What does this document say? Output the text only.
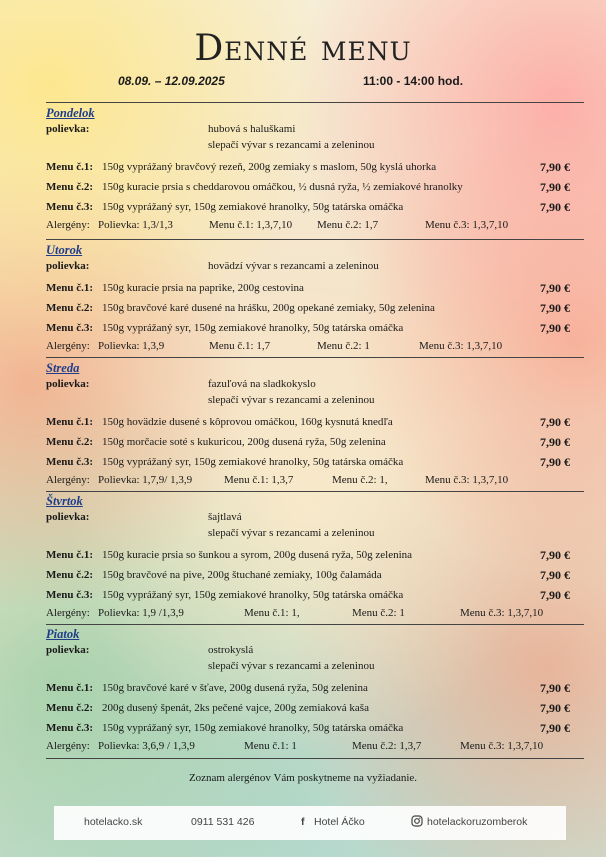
Denné menu
08.09. – 12.09.2025	11:00 - 14:00 hod.
Pondelok
polievka:	hubová s haluškami
slepačí vývar s rezancami a zeleninou
Menu č.1: 150g vyprážaný bravčový rezeň, 200g zemiaky s maslom, 50g kyslá uhorka	7,90 €
Menu č.2: 150g kuracie prsia s cheddarovou omáčkou, ½ dusná ryža, ½ zemiakové hranolky	7,90 €
Menu č.3: 150g vyprážaný syr, 150g zemiakové hranolky, 50g tatárska omáčka	7,90 €
Alergény: Polievka: 1,3/1,3	Menu č.1: 1,3,7,10 Menu č.2: 1,7	Menu č.3: 1,3,7,10
Utorok
polievka:	hovädzí vývar s rezancami a zeleninou
Menu č.1: 150g kuracie prsia na paprike, 200g cestovina	7,90 €
Menu č.2: 150g bravčové karé dusené na hrášku, 200g opekané zemiaky, 50g zelenina	7,90 €
Menu č.3: 150g vyprážaný syr, 150g zemiakové hranolky, 50g tatárska omáčka	7,90 €
Alergény: Polievka: 1,3,9	Menu č.1: 1,7	Menu č.2: 1	Menu č.3: 1,3,7,10
Streda
polievka:	fazuľová na sladkokyslo
slepačí vývar s rezancami a zeleninou
Menu č.1: 150g hovädzie dusené s kôprovou omáčkou, 160g kysnutá knedľa	7,90 €
Menu č.2: 150g morčacie soté s kukuricou, 200g dusená ryža, 50g zelenina	7,90 €
Menu č.3: 150g vyprážaný syr, 150g zemiakové hranolky, 50g tatárska omáčka	7,90 €
Alergény: Polievka: 1,7,9/ 1,3,9	Menu č.1: 1,3,7	Menu č.2: 1,	Menu č.3: 1,3,7,10
Štvrtok
polievka:	šajtlavá
slepačí vývar s rezancami a zeleninou
Menu č.1: 150g kuracie prsia so šunkou a syrom, 200g dusená ryža, 50g zelenina	7,90 €
Menu č.2: 150g bravčové na pive, 200g štuchané zemiaky, 100g čalamáda	7,90 €
Menu č.3: 150g vyprážaný syr, 150g zemiakové hranolky, 50g tatárska omáčka	7,90 €
Alergény: Polievka: 1,9 /1,3,9	Menu č.1: 1,	Menu č.2: 1	Menu č.3: 1,3,7,10
Piatok
polievka:	ostrokyslá
slepačí vývar s rezancami a zeleninou
Menu č.1: 150g bravčové karé v šťave, 200g dusená ryža, 50g zelenina	7,90 €
Menu č.2: 200g dusený špenát, 2ks pečené vajce, 200g zemiaková kaša	7,90 €
Menu č.3: 150g vyprážaný syr, 150g zemiakové hranolky, 50g tatárska omáčka	7,90 €
Alergény: Polievka: 3,6,9 / 1,3,9	Menu č.1: 1	Menu č.2: 1,3,7	Menu č.3: 1,3,7,10
Zoznam alergénov Vám poskytneme na vyžiadanie.
hotelacko.sk	0911 531 426	f Hotel Áčko	hotelackoruzomberok
